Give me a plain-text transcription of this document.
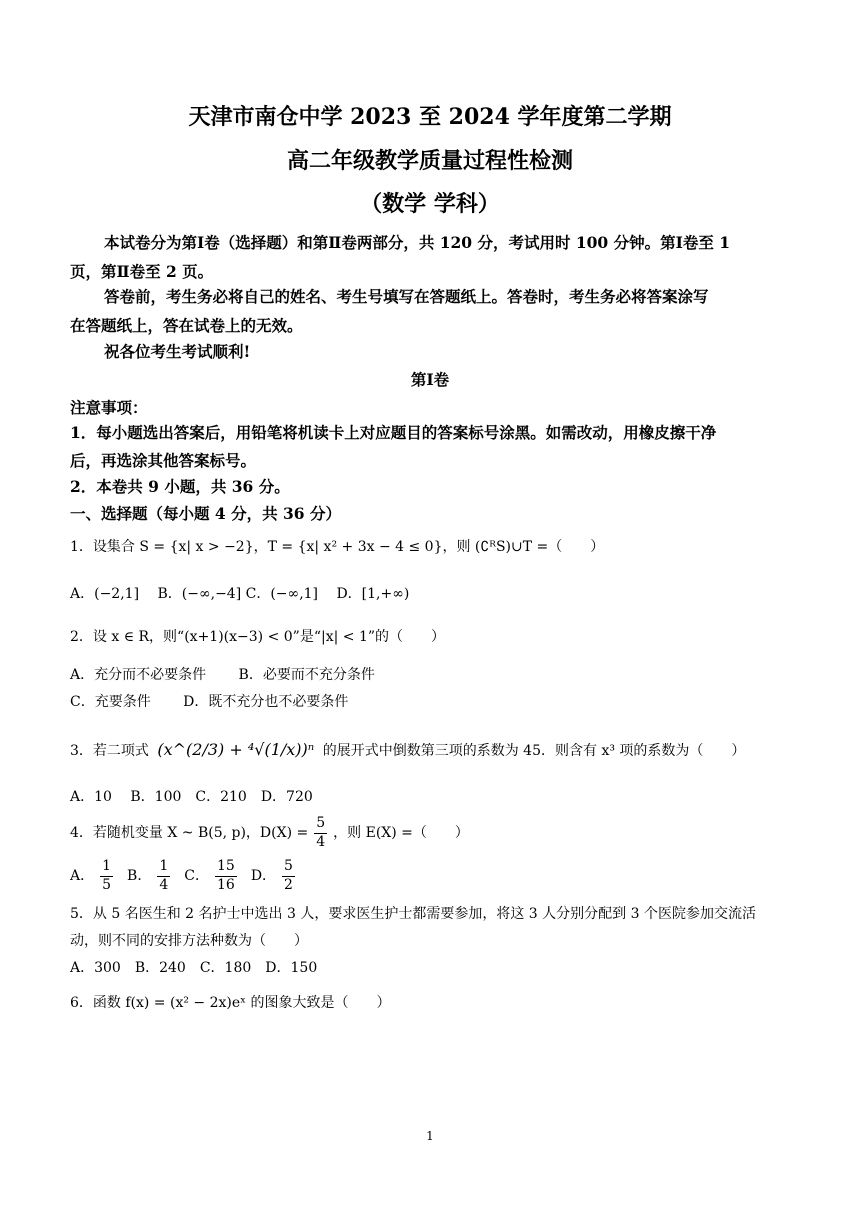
天津市南仓中学 2023 至 2024 学年度第二学期
高二年级教学质量过程性检测
（数学 学科）
本试卷分为第Ⅰ卷（选择题）和第Ⅱ卷两部分，共 120 分，考试用时 100 分钟。第Ⅰ卷至 1
页，第Ⅱ卷至 2 页。
答卷前，考生务必将自己的姓名、考生号填写在答题纸上。答卷时，考生务必将答案涂写
在答题纸上，答在试卷上的无效。
祝各位考生考试顺利!
第Ⅰ卷
注意事项：
1．每小题选出答案后，用铅笔将机读卡上对应题目的答案标号涂黑。如需改动，用橡皮擦干净
后，再选涂其他答案标号。
2．本卷共 9 小题，共 36 分。
一、选择题（每小题 4 分，共 36 分）
1．设集合 S = {x| x > −2}，T = {x| x² + 3x − 4 ≤ 0}，则 (∁ᴿS)∪T =（　　）
A．(−2,1]　 B．(−∞,−4] C．(−∞,1]　 D．[1,+∞)
2．设 x ∈ R，则“(x+1)(x−3) < 0”是“|x| < 1”的（　　）
A．充分而不必要条件　　 B．必要而不充分条件
C．充要条件　　 D．既不充分也不必要条件
3．若二项式 (x^(2/3) + ⁴√(1/x))ⁿ 的展开式中倒数第三项的系数为 45．则含有 x³ 项的系数为（　　）
A．10　 B．100　C．210　D．720
4．若随机变量 X ~ B(5, p)，$D(X) = \frac{5}{4}$ ，则 E(X) =（　　）
A． $\frac{1}{5}$ B． $\frac{1}{4}$ C． $\frac{15}{16}$ D． $\frac{5}{2}$
5．从 5 名医生和 2 名护士中选出 3 人，要求医生护士都需要参加，将这 3 人分别分配到 3 个医院参加交流活
动，则不同的安排方法种数为（　　）
A．300　B．240　C．180　D．150
6．函数 f(x) = (x² − 2x)eˣ 的图象大致是（　　）
1
